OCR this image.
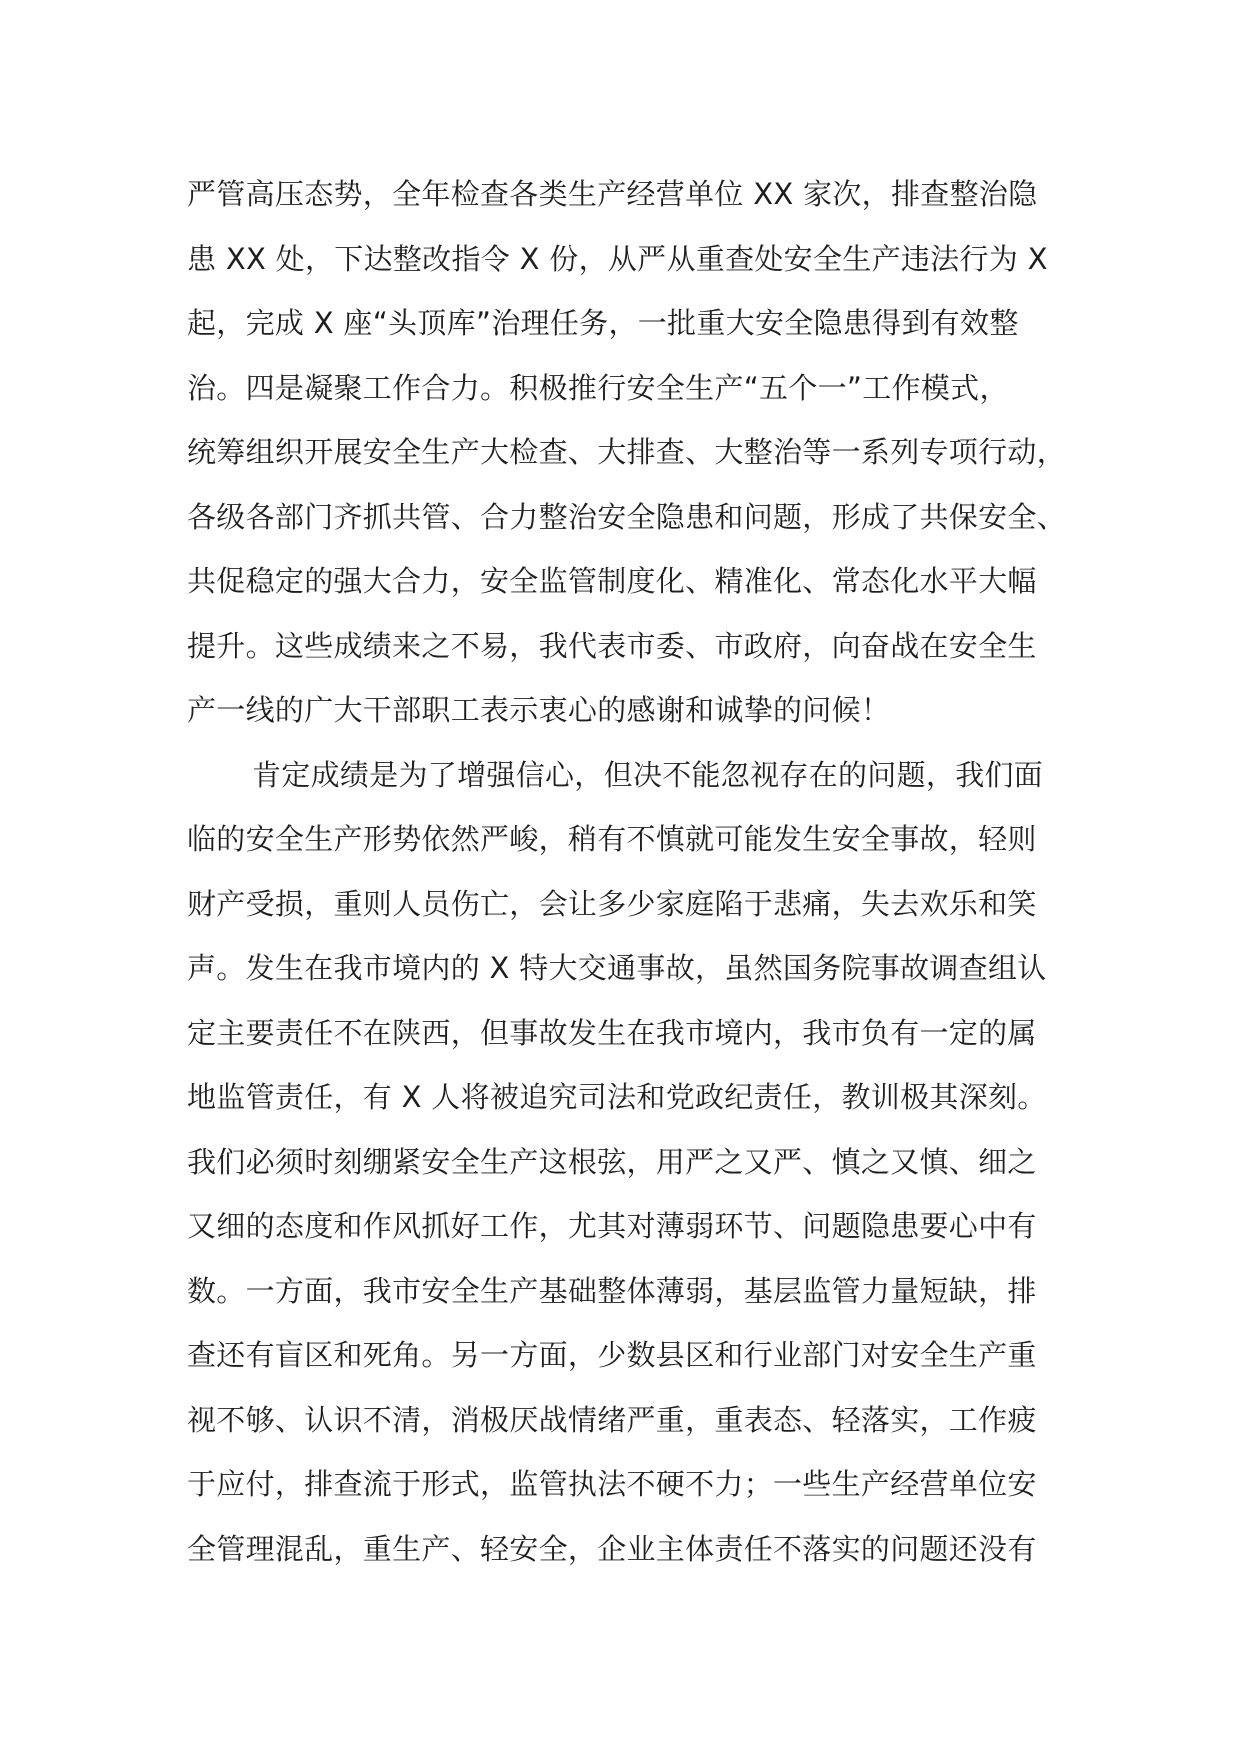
严管高压态势，全年检查各类生产经营单位 XX 家次，排查整治隐
患 XX 处，下达整改指令 X 份，从严从重查处安全生产违法行为 X
起，完成 X 座“头顶库”治理任务，一批重大安全隐患得到有效整
治。四是凝聚工作合力。积极推行安全生产“五个一”工作模式，
统筹组织开展安全生产大检查、大排查、大整治等一系列专项行动，
各级各部门齐抓共管、合力整治安全隐患和问题，形成了共保安全、
共促稳定的强大合力，安全监管制度化、精准化、常态化水平大幅
提升。这些成绩来之不易，我代表市委、市政府，向奋战在安全生
产一线的广大干部职工表示衷心的感谢和诚挚的问候！
肯定成绩是为了增强信心，但决不能忽视存在的问题，我们面
临的安全生产形势依然严峻，稍有不慎就可能发生安全事故，轻则
财产受损，重则人员伤亡，会让多少家庭陷于悲痛，失去欢乐和笑
声。发生在我市境内的 X 特大交通事故，虽然国务院事故调查组认
定主要责任不在陕西，但事故发生在我市境内，我市负有一定的属
地监管责任，有 X 人将被追究司法和党政纪责任，教训极其深刻。
我们必须时刻绷紧安全生产这根弦，用严之又严、慎之又慎、细之
又细的态度和作风抓好工作，尤其对薄弱环节、问题隐患要心中有
数。一方面，我市安全生产基础整体薄弱，基层监管力量短缺，排
查还有盲区和死角。另一方面，少数县区和行业部门对安全生产重
视不够、认识不清，消极厌战情绪严重，重表态、轻落实，工作疲
于应付，排查流于形式，监管执法不硬不力；一些生产经营单位安
全管理混乱，重生产、轻安全，企业主体责任不落实的问题还没有
